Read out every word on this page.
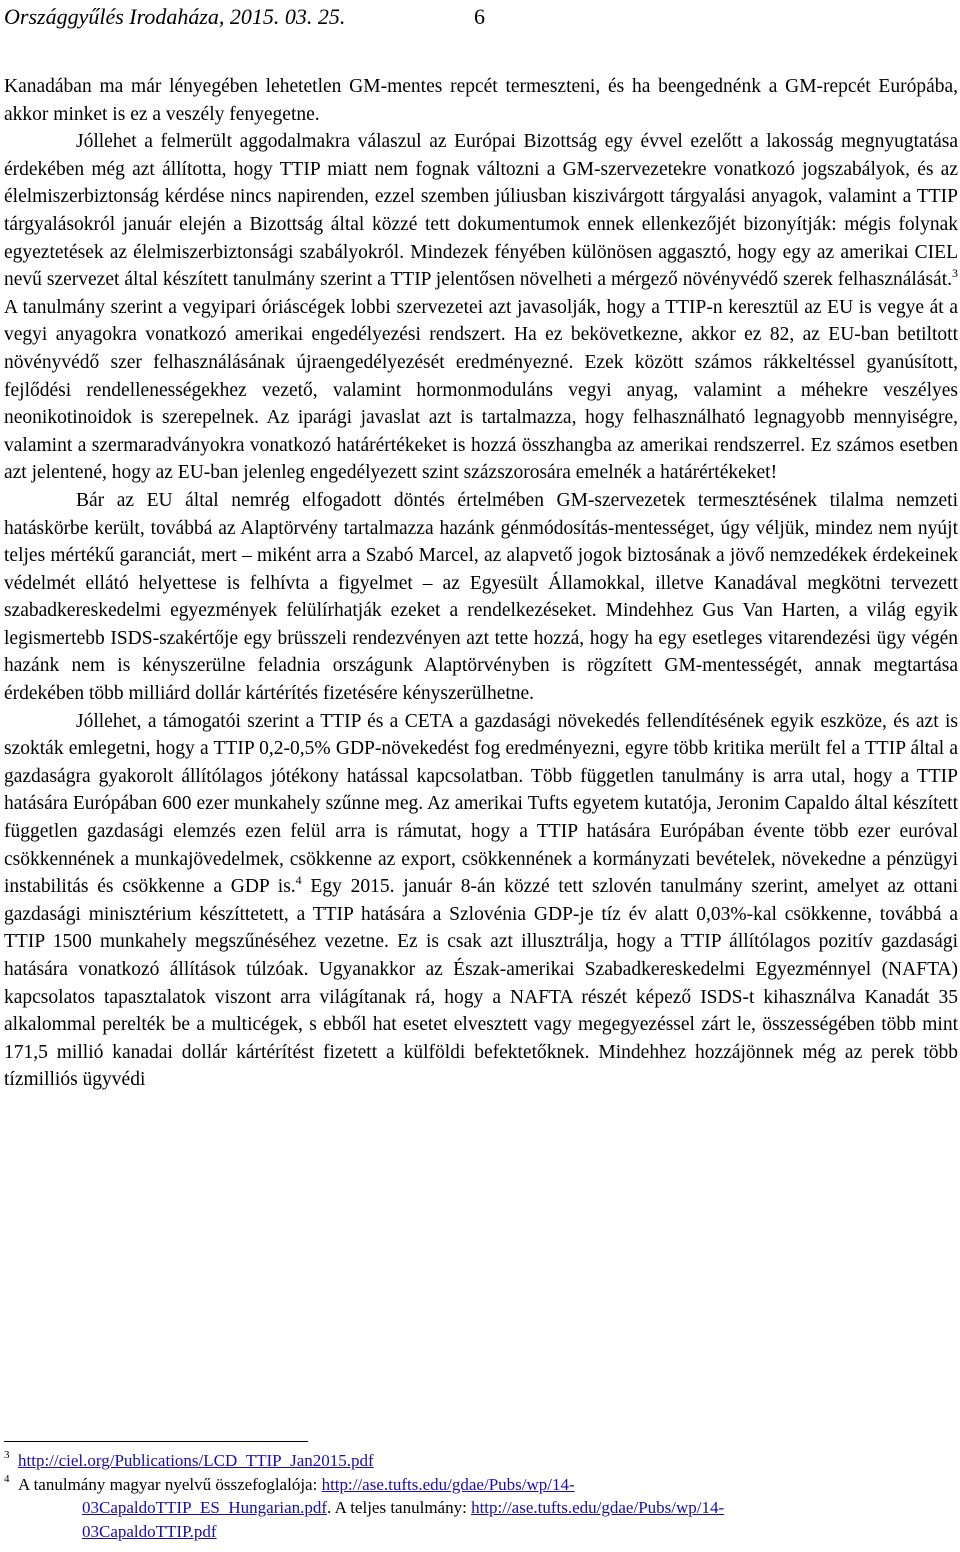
Országgyűlés Irodaháza, 2015. 03. 25.	6

Kanadában ma már lényegében lehetetlen GM-mentes repcét termeszteni, és ha beengednénk a GM-repcét Európába, akkor minket is ez a veszély fenyegetne.

Jóllehet a felmerült aggodalmakra válaszul az Európai Bizottság egy évvel ezelőtt a lakosság megnyugtatása érdekében még azt állította, hogy TTIP miatt nem fognak változni a GM-szervezetekre vonatkozó jogszabályok, és az élelmiszerbiztonság kérdése nincs napirenden, ezzel szemben júliusban kiszivárgott tárgyalási anyagok, valamint a TTIP tárgyalásokról január elején a Bizottság által közzé tett dokumentumok ennek ellenkezőjét bizonyítják: mégis folynak egyeztetések az élelmiszerbiztonsági szabályokról. Mindezek fényében különösen aggasztó, hogy egy az amerikai CIEL nevű szervezet által készített tanulmány szerint a TTIP jelentősen növelheti a mérgező növényvédő szerek felhasználását.$^3$ A tanulmány szerint a vegyipari óriáscégek lobbi szervezetei azt javasolják, hogy a TTIP-n keresztül az EU is vegye át a vegyi anyagokra vonatkozó amerikai engedélyezési rendszert. Ha ez bekövetkezne, akkor ez 82, az EU-ban betiltott növényvédő szer felhasználásának újraengedélyezését eredményezné. Ezek között számos rákkeltéssel gyanúsított, fejlődési rendellenességekhez vezető, valamint hormonmoduláns vegyi anyag, valamint a méhekre veszélyes neonikotinoidok is szerepelnek. Az iparági javaslat azt is tartalmazza, hogy felhasználható legnagyobb mennyiségre, valamint a szermaradványokra vonatkozó határértékeket is hozzá összhangba az amerikai rendszerrel. Ez számos esetben azt jelentené, hogy az EU-ban jelenleg engedélyezett szint százszorosára emelnék a határértékeket!

Bár az EU által nemrég elfogadott döntés értelmében GM-szervezetek termesztésének tilalma nemzeti hatáskörbe került, továbbá az Alaptörvény tartalmazza hazánk génmódosítás-mentességet, úgy véljük, mindez nem nyújt teljes mértékű garanciát, mert – miként arra a Szabó Marcel, az alapvető jogok biztosának a jövő nemzedékek érdekeinek védelmét ellátó helyettese is felhívta a figyelmet – az Egyesült Államokkal, illetve Kanadával megkötni tervezett szabadkereskedelmi egyezmények felülírhatják ezeket a rendelkezéseket. Mindehhez Gus Van Harten, a világ egyik legismertebb ISDS-szakértője egy brüsszeli rendezvényen azt tette hozzá, hogy ha egy esetleges vitarendezési ügy végén hazánk nem is kényszerülne feladnia országunk Alaptörvényben is rögzített GM-mentességét, annak megtartása érdekében több milliárd dollár kártérítés fizetésére kényszerülhetne.

Jóllehet, a támogatói szerint a TTIP és a CETA a gazdasági növekedés fellendítésének egyik eszköze, és azt is szokták emlegetni, hogy a TTIP 0,2-0,5% GDP-növekedést fog eredményezni, egyre több kritika merült fel a TTIP által a gazdaságra gyakorolt állítólagos jótékony hatással kapcsolatban. Több független tanulmány is arra utal, hogy a TTIP hatására Európában 600 ezer munkahely szűnne meg. Az amerikai Tufts egyetem kutatója, Jeronim Capaldo által készített független gazdasági elemzés ezen felül arra is rámutat, hogy a TTIP hatására Európában évente több ezer euróval csökkennének a munkajövedelmek, csökkenne az export, csökkennének a kormányzati bevételek, növekedne a pénzügyi instabilitás és csökkenne a GDP is.$^4$ Egy 2015. január 8-án közzé tett szlovén tanulmány szerint, amelyet az ottani gazdasági minisztérium készíttetett, a TTIP hatására a Szlovénia GDP-je tíz év alatt 0,03%-kal csökkenne, továbbá a TTIP 1500 munkahely megszűnéséhez vezetne. Ez is csak azt illusztrálja, hogy a TTIP állítólagos pozitív gazdasági hatására vonatkozó állítások túlzóak. Ugyanakkor az Észak-amerikai Szabadkereskedelmi Egyezménnyel (NAFTA) kapcsolatos tapasztalatok viszont arra világítanak rá, hogy a NAFTA részét képező ISDS-t kihasználva Kanadát 35 alkalommal perelték be a multicégek, s ebből hat esetet elvesztett vagy megegyezéssel zárt le, összességében több mint 171,5 millió kanadai dollár kártérítést fizetett a külföldi befektetőknek. Mindehhez hozzájönnek még az perek több tízmilliós ügyvédi

3 http://ciel.org/Publications/LCD_TTIP_Jan2015.pdf

4 A tanulmány magyar nyelvű összefoglalója: http://ase.tufts.edu/gdae/Pubs/wp/14-
03CapaldoTTIP_ES_Hungarian.pdf. A teljes tanulmány: http://ase.tufts.edu/gdae/Pubs/wp/14-
03CapaldoTTIP.pdf
